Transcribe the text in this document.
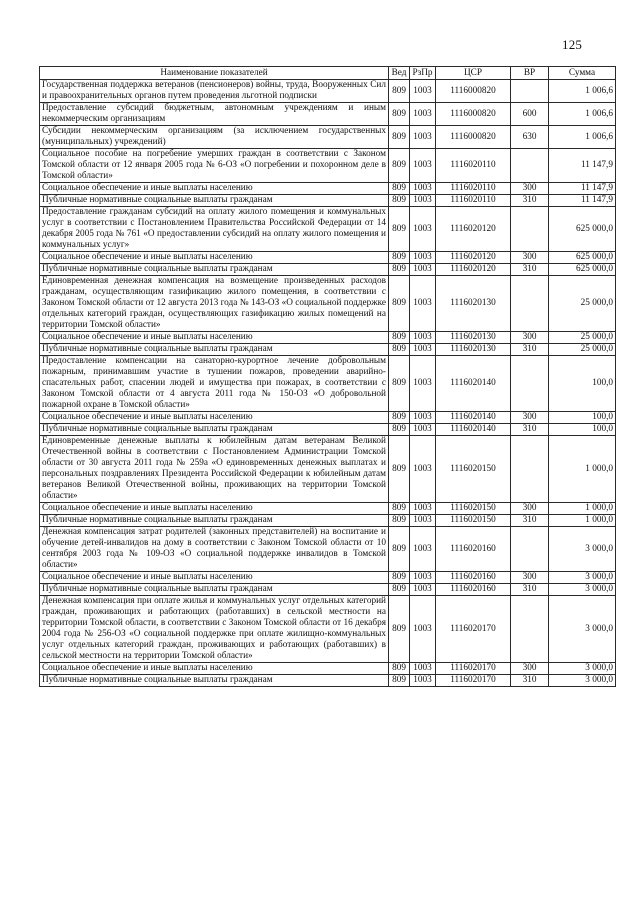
125
Наименование показателей	Вед	РзПр	ЦСР	ВР	Сумма
Государственная поддержка ветеранов (пенсионеров) войны, труда, Вооруженных Сил и правоохранительных органов путем проведения льготной подписки	809	1003	1116000820		1 006,6
Предоставление субсидий бюджетным, автономным учреждениям и иным некоммерческим организациям	809	1003	1116000820	600	1 006,6
Субсидии некоммерческим организациям (за исключением государственных (муниципальных) учреждений)	809	1003	1116000820	630	1 006,6
Социальное пособие на погребение умерших граждан в соответствии с Законом Томской области от 12 января 2005 года № 6-ОЗ «О погребении и похоронном деле в Томской области»	809	1003	1116020110		11 147,9
Социальное обеспечение и иные выплаты населению	809	1003	1116020110	300	11 147,9
Публичные нормативные социальные выплаты гражданам	809	1003	1116020110	310	11 147,9
Предоставление гражданам субсидий на оплату жилого помещения и коммунальных услуг в соответствии с Постановлением Правительства Российской Федерации от 14 декабря 2005 года № 761 «О предоставлении субсидий на оплату жилого помещения и коммунальных услуг»	809	1003	1116020120		625 000,0
Социальное обеспечение и иные выплаты населению	809	1003	1116020120	300	625 000,0
Публичные нормативные социальные выплаты гражданам	809	1003	1116020120	310	625 000,0
Единовременная денежная компенсация на возмещение произведенных расходов гражданам, осуществляющим газификацию жилого помещения, в соответствии с Законом Томской области от 12 августа 2013 года № 143-ОЗ «О социальной поддержке отдельных категорий граждан, осуществляющих газификацию жилых помещений на территории Томской области»	809	1003	1116020130		25 000,0
Социальное обеспечение и иные выплаты населению	809	1003	1116020130	300	25 000,0
Публичные нормативные социальные выплаты гражданам	809	1003	1116020130	310	25 000,0
Предоставление компенсации на санаторно-курортное лечение добровольным пожарным, принимавшим участие в тушении пожаров, проведении аварийно-спасательных работ, спасении людей и имущества при пожарах, в соответствии с Законом Томской области от 4 августа 2011 года № 150-ОЗ «О добровольной пожарной охране в Томской области»	809	1003	1116020140		100,0
Социальное обеспечение и иные выплаты населению	809	1003	1116020140	300	100,0
Публичные нормативные социальные выплаты гражданам	809	1003	1116020140	310	100,0
Единовременные денежные выплаты к юбилейным датам ветеранам Великой Отечественной войны в соответствии с Постановлением Администрации Томской области от 30 августа 2011 года № 259а «О единовременных денежных выплатах и персональных поздравлениях Президента Российской Федерации к юбилейным датам ветеранов Великой Отечественной войны, проживающих на территории Томской области»	809	1003	1116020150		1 000,0
Социальное обеспечение и иные выплаты населению	809	1003	1116020150	300	1 000,0
Публичные нормативные социальные выплаты гражданам	809	1003	1116020150	310	1 000,0
Денежная компенсация затрат родителей (законных представителей) на воспитание и обучение детей-инвалидов на дому в соответствии с Законом Томской области от 10 сентября 2003 года № 109-ОЗ «О социальной поддержке инвалидов в Томской области»	809	1003	1116020160		3 000,0
Социальное обеспечение и иные выплаты населению	809	1003	1116020160	300	3 000,0
Публичные нормативные социальные выплаты гражданам	809	1003	1116020160	310	3 000,0
Денежная компенсация при оплате жилья и коммунальных услуг отдельных категорий граждан, проживающих и работающих (работавших) в сельской местности на территории Томской области, в соответствии с Законом Томской области от 16 декабря 2004 года № 256-ОЗ «О социальной поддержке при оплате жилищно-коммунальных услуг отдельных категорий граждан, проживающих и работающих (работавших) в сельской местности на территории Томской области»	809	1003	1116020170		3 000,0
Социальное обеспечение и иные выплаты населению	809	1003	1116020170	300	3 000,0
Публичные нормативные социальные выплаты гражданам	809	1003	1116020170	310	3 000,0
